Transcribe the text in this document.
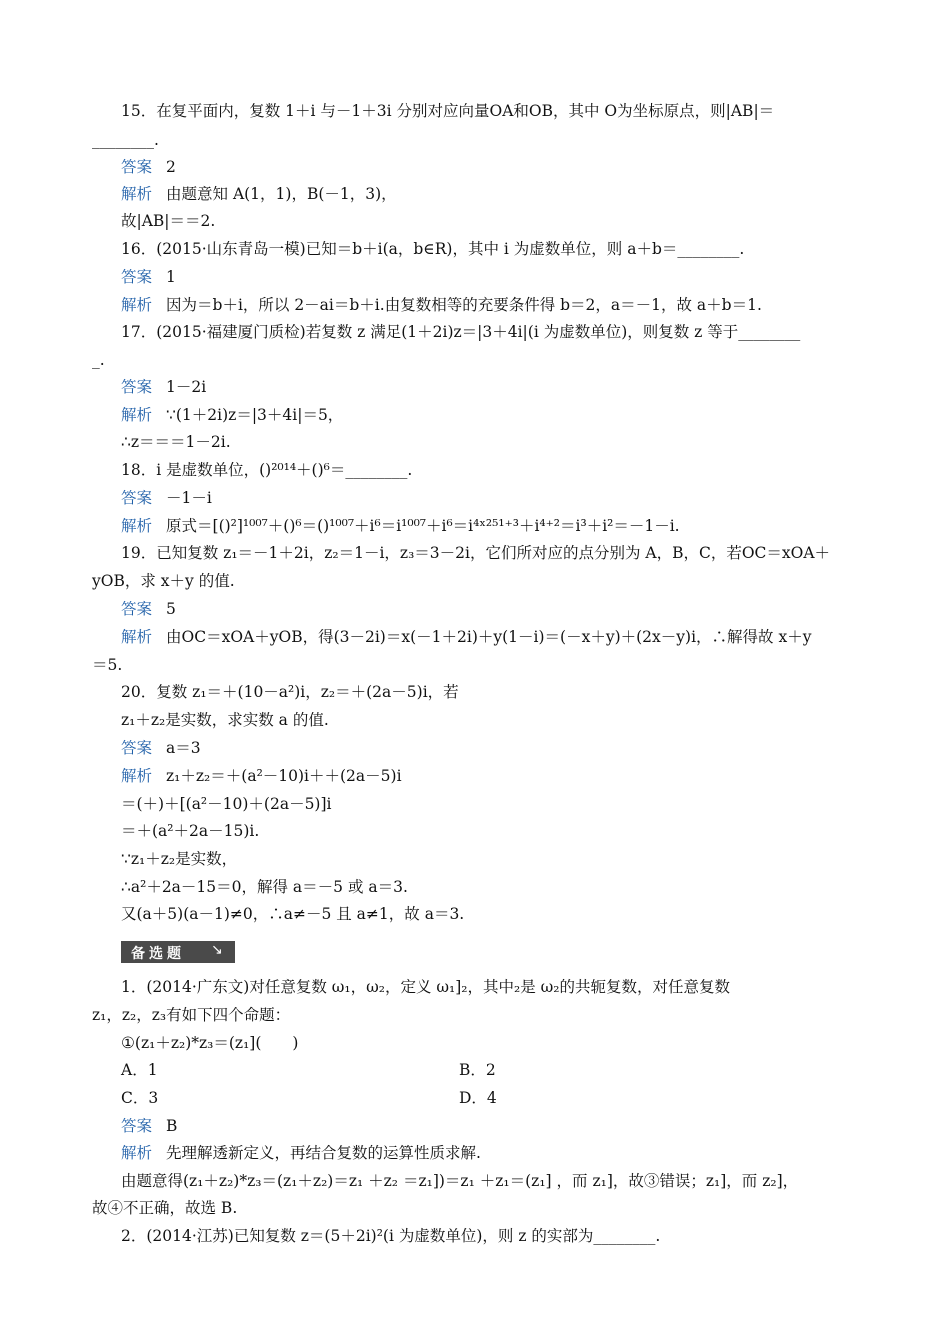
15．在复平面内，复数 1＋i 与－1＋3i 分别对应向量OA和OB，其中 O为坐标原点，则|AB|＝
________.
答案 2
解析 由题意知 A(1，1)，B(－1，3)，
故|AB|＝＝2.
16．(2015·山东青岛一模)已知＝b＋i(a，b∈R)，其中 i 为虚数单位，则 a＋b＝________.
答案 1
解析 因为＝b＋i，所以 2－ai＝b＋i.由复数相等的充要条件得 b＝2，a＝－1，故 a＋b＝1.
17．(2015·福建厦门质检)若复数 z 满足(1＋2i)z＝|3＋4i|(i 为虚数单位)，则复数 z 等于________
_.
答案 1－2i
解析 ∵(1＋2i)z＝|3＋4i|＝5，
∴z＝＝＝1－2i.
18．i 是虚数单位，()²⁰¹⁴＋()⁶＝________.
答案 －1－i
解析 原式＝[()²]¹⁰⁰⁷＋()⁶＝()¹⁰⁰⁷＋i⁶＝i¹⁰⁰⁷＋i⁶＝i⁴ˣ²⁵¹⁺³＋i⁴⁺²＝i³＋i²＝－1－i.
19．已知复数 z₁＝－1＋2i，z₂＝1－i，z₃＝3－2i，它们所对应的点分别为 A，B，C，若OC＝xOA＋
yOB，求 x＋y 的值.
答案 5
解析 由OC＝xOA＋yOB，得(3－2i)＝x(－1＋2i)＋y(1－i)＝(－x＋y)＋(2x－y)i，∴解得故 x＋y
＝5.
20．复数 z₁＝＋(10－a²)i，z₂＝＋(2a－5)i，若
z₁＋z₂是实数，求实数 a 的值.
答案 a＝3
解析 z₁＋z₂＝＋(a²－10)i＋＋(2a－5)i
＝(＋)＋[(a²－10)＋(2a－5)]i
＝＋(a²＋2a－15)i.
∵z₁＋z₂是实数，
∴a²＋2a－15＝0，解得 a＝－5 或 a＝3.
又(a＋5)(a－1)≠0，∴a≠－5 且 a≠1，故 a＝3.
备选题 ↘
1．(2014·广东文)对任意复数 ω₁，ω₂，定义 ω₁]₂，其中₂是 ω₂的共轭复数，对任意复数
z₁，z₂，z₃有如下四个命题：
①(z₁＋z₂)*z₃＝(z₁](　　)
A．1	B．2
C．3	D．4
答案 B
解析 先理解透新定义，再结合复数的运算性质求解.
由题意得(z₁＋z₂)*z₃＝(z₁＋z₂)＝z₁ ＋z₂ ＝z₁])＝z₁ ＋z₁＝(z₁] ，而 z₁]，故③错误；z₁]，而 z₂]，
故④不正确，故选 B.
2．(2014·江苏)已知复数 z＝(5＋2i)²(i 为虚数单位)，则 z 的实部为________.
